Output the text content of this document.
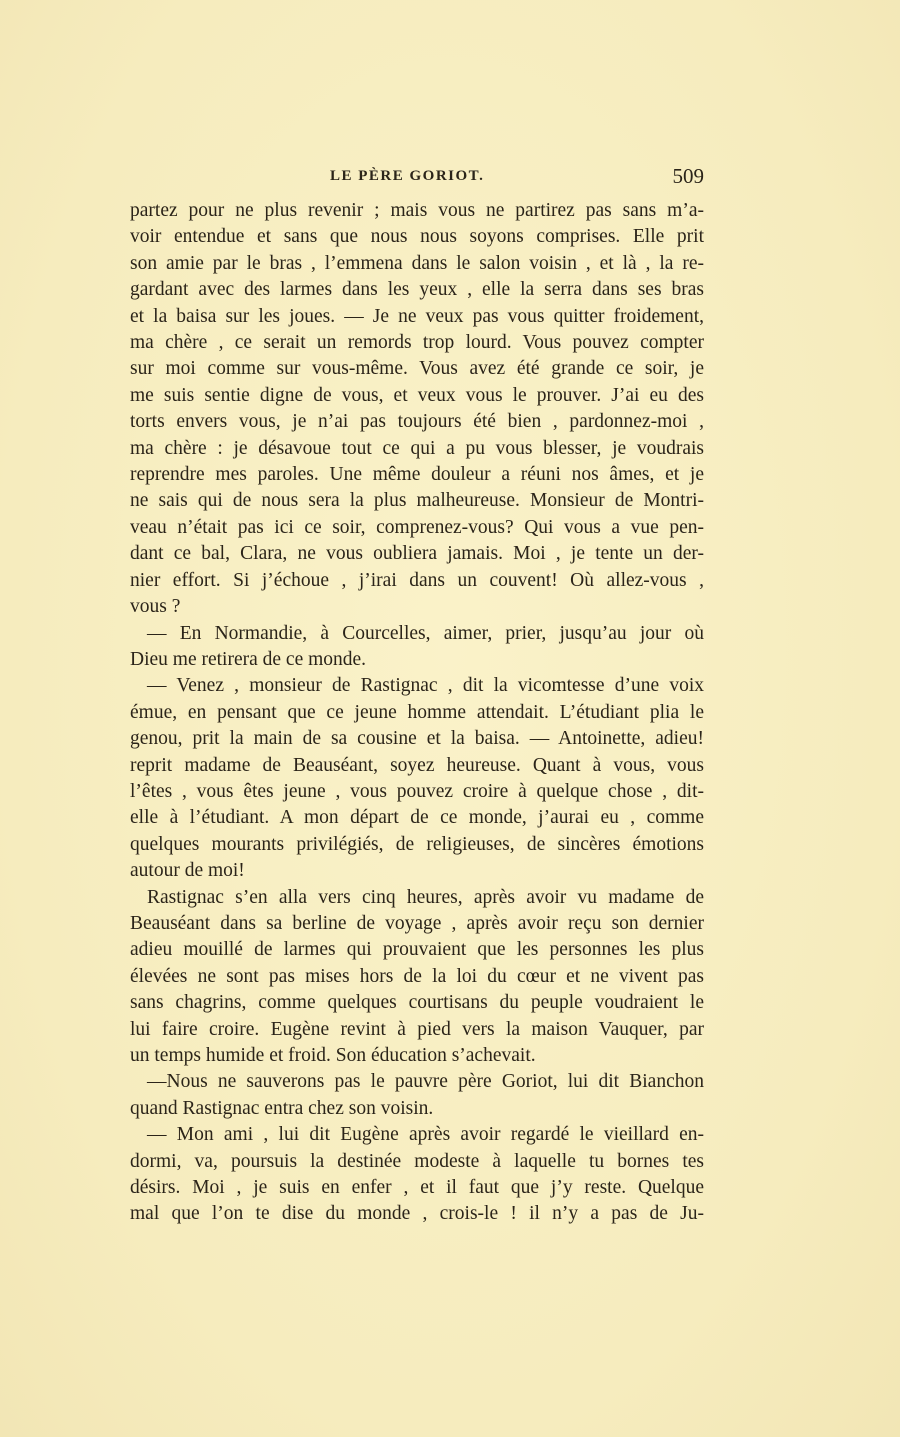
LE PÈRE GORIOT.	509
partez pour ne plus revenir ; mais vous ne partirez pas sans m’a-
voir entendue et sans que nous nous soyons comprises. Elle prit
son amie par le bras , l’emmena dans le salon voisin , et là , la re-
gardant avec des larmes dans les yeux , elle la serra dans ses bras
et la baisa sur les joues. — Je ne veux pas vous quitter froidement,
ma chère , ce serait un remords trop lourd. Vous pouvez compter
sur moi comme sur vous-même. Vous avez été grande ce soir, je
me suis sentie digne de vous, et veux vous le prouver. J’ai eu des
torts envers vous, je n’ai pas toujours été bien , pardonnez-moi ,
ma chère : je désavoue tout ce qui a pu vous blesser, je voudrais
reprendre mes paroles. Une même douleur a réuni nos âmes, et je
ne sais qui de nous sera la plus malheureuse. Monsieur de Montri-
veau n’était pas ici ce soir, comprenez-vous? Qui vous a vue pen-
dant ce bal, Clara, ne vous oubliera jamais. Moi , je tente un der-
nier effort. Si j’échoue , j’irai dans un couvent! Où allez-vous ,
vous ?
— En Normandie, à Courcelles, aimer, prier, jusqu’au jour où
Dieu me retirera de ce monde.
— Venez , monsieur de Rastignac , dit la vicomtesse d’une voix
émue, en pensant que ce jeune homme attendait. L’étudiant plia le
genou, prit la main de sa cousine et la baisa. — Antoinette, adieu!
reprit madame de Beauséant, soyez heureuse. Quant à vous, vous
l’êtes , vous êtes jeune , vous pouvez croire à quelque chose , dit-
elle à l’étudiant. A mon départ de ce monde, j’aurai eu , comme
quelques mourants privilégiés, de religieuses, de sincères émotions
autour de moi!
Rastignac s’en alla vers cinq heures, après avoir vu madame de
Beauséant dans sa berline de voyage , après avoir reçu son dernier
adieu mouillé de larmes qui prouvaient que les personnes les plus
élevées ne sont pas mises hors de la loi du cœur et ne vivent pas
sans chagrins, comme quelques courtisans du peuple voudraient le
lui faire croire. Eugène revint à pied vers la maison Vauquer, par
un temps humide et froid. Son éducation s’achevait.
—Nous ne sauverons pas le pauvre père Goriot, lui dit Bianchon
quand Rastignac entra chez son voisin.
— Mon ami , lui dit Eugène après avoir regardé le vieillard en-
dormi, va, poursuis la destinée modeste à laquelle tu bornes tes
désirs. Moi , je suis en enfer , et il faut que j’y reste. Quelque
mal que l’on te dise du monde , crois-le ! il n’y a pas de Ju-
